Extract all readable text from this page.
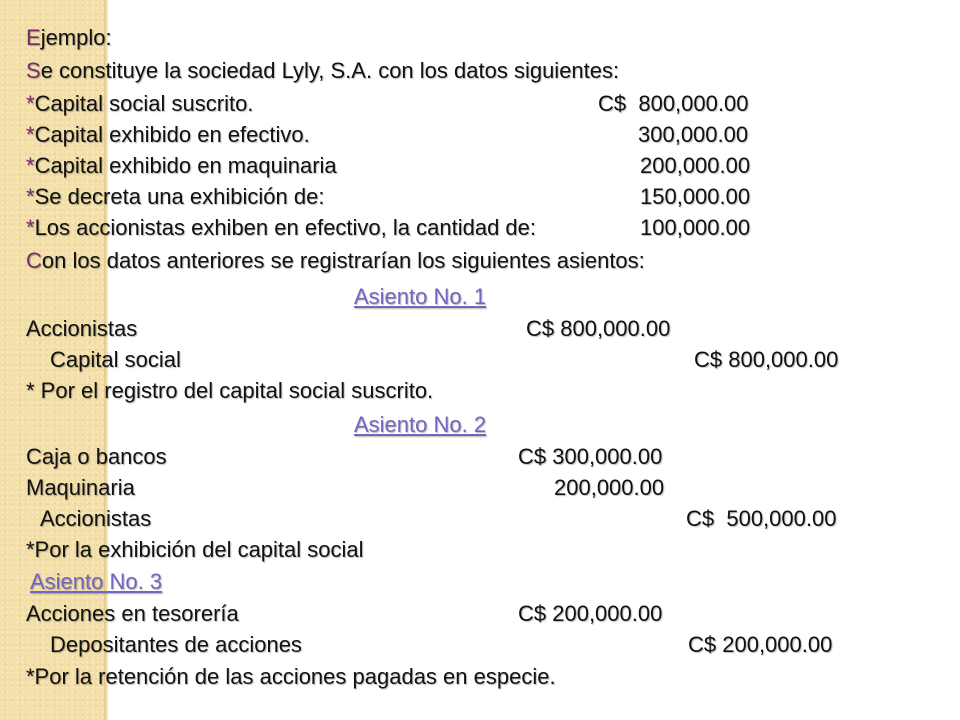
Ejemplo:
Se constituye la sociedad Lyly, S.A. con los datos siguientes:
*Capital social suscrito.	C$  800,000.00
*Capital exhibido en efectivo.	300,000.00
*Capital exhibido en maquinaria	200,000.00
*Se decreta una exhibición de:	150,000.00
*Los accionistas exhiben en efectivo, la cantidad de:	100,000.00
Con los datos anteriores se registrarían los siguientes asientos:
Asiento No. 1
Accionistas	C$ 800,000.00
Capital social	C$ 800,000.00
* Por el registro del capital social suscrito.
Asiento No. 2
Caja o bancos	C$ 300,000.00
Maquinaria	200,000.00
Accionistas	C$  500,000.00
*Por la exhibición del capital social
Asiento No. 3
Acciones en tesorería	C$ 200,000.00
Depositantes de acciones	C$ 200,000.00
*Por la retención de las acciones pagadas en especie.
